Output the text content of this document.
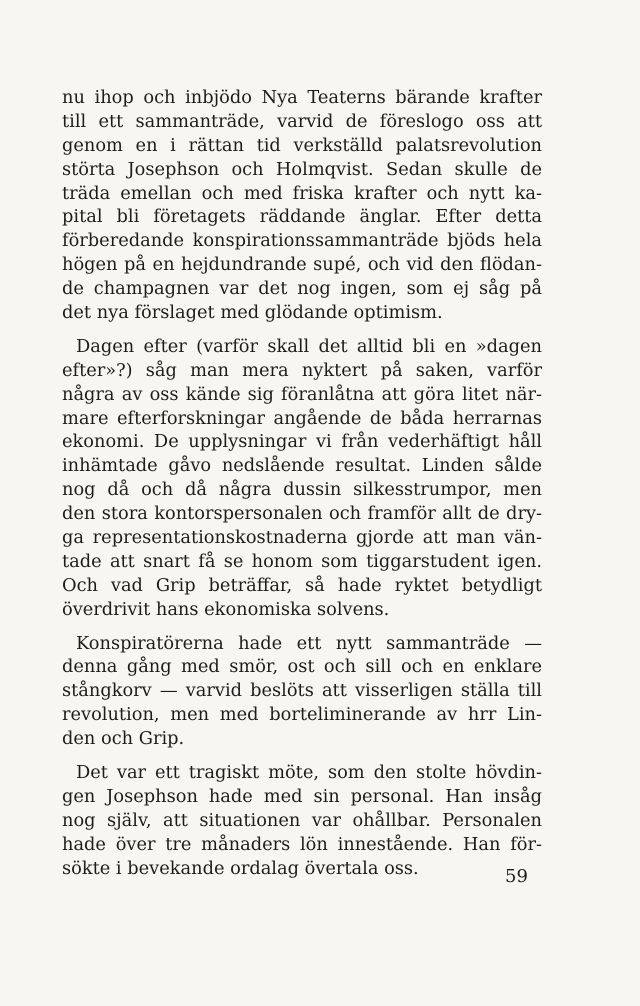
nu ihop och inbjödo Nya Teaterns bärande krafter
till ett sammanträde, varvid de föreslogo oss att
genom en i rättan tid verkställd palatsrevolution
störta Josephson och Holmqvist. Sedan skulle de
träda emellan och med friska krafter och nytt ka-
pital bli företagets räddande änglar. Efter detta
förberedande konspirationssammanträde bjöds hela
högen på en hejdundrande supé, och vid den flödan-
de champagnen var det nog ingen, som ej såg på
det nya förslaget med glödande optimism.

Dagen efter (varför skall det alltid bli en »dagen
efter»?) såg man mera nyktert på saken, varför
några av oss kände sig föranlåtna att göra litet när-
mare efterforskningar angående de båda herrarnas
ekonomi. De upplysningar vi från vederhäftigt håll
inhämtade gåvo nedslående resultat. Linden sålde
nog då och då några dussin silkesstrumpor, men
den stora kontorspersonalen och framför allt de dry-
ga representationskostnaderna gjorde att man vän-
tade att snart få se honom som tiggarstudent igen.
Och vad Grip beträffar, så hade ryktet betydligt
överdrivit hans ekonomiska solvens.

Konspiratörerna hade ett nytt sammanträde —
denna gång med smör, ost och sill och en enklare
stångkorv — varvid beslöts att visserligen ställa till
revolution, men med borteliminerande av hrr Lin-
den och Grip.

Det var ett tragiskt möte, som den stolte hövdin-
gen Josephson hade med sin personal. Han insåg
nog själv, att situationen var ohållbar. Personalen
hade över tre månaders lön innestående. Han för-
sökte i bevekande ordalag övertala oss.	59
